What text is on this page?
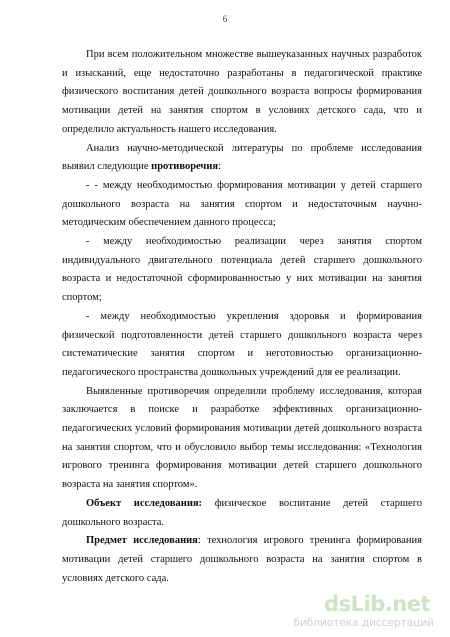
6

При всем положительном множестве вышеуказанных научных разработок и изысканий, еще недостаточно разработаны в педагогической практике физического воспитания детей дошкольного возраста вопросы формирования мотивации детей на занятия спортом в условиях детского сада, что и определило актуальность нашего исследования.

Анализ научно-методической литературы по проблеме исследования выявил следующие противоречия:

- - между необходимостью формирования мотивации у детей старшего дошкольного возраста на занятия спортом и недостаточным научно-методическим обеспечением данного процесса;

- между необходимостью реализации через занятия спортом индивидуального двигательного потенциала детей старшего дошкольного возраста и недостаточной сформированностью у них мотивации на занятия спортом;

- между необходимостью укрепления здоровья и формирования физической подготовленности детей старшего дошкольного возраста через систематические занятия спортом и неготовностью организационно-педагогического пространства дошкольных учреждений для ее реализации.

Выявленные противоречия определили проблему исследования, которая заключается в поиске и разработке эффективных организационно-педагогических условий формирования мотивации детей дошкольного возраста на занятия спортом, что и обусловило выбор темы исследования: «Технология игрового тренинга формирования мотивации детей старшего дошкольного возраста на занятия спортом».

Объект исследования: физическое воспитание детей старшего дошкольного возраста.

Предмет исследования: технология игрового тренинга формирования мотивации детей старшего дошкольного возраста на занятия спортом в условиях детского сада.

dsLib.net
библиотека диссертаций
